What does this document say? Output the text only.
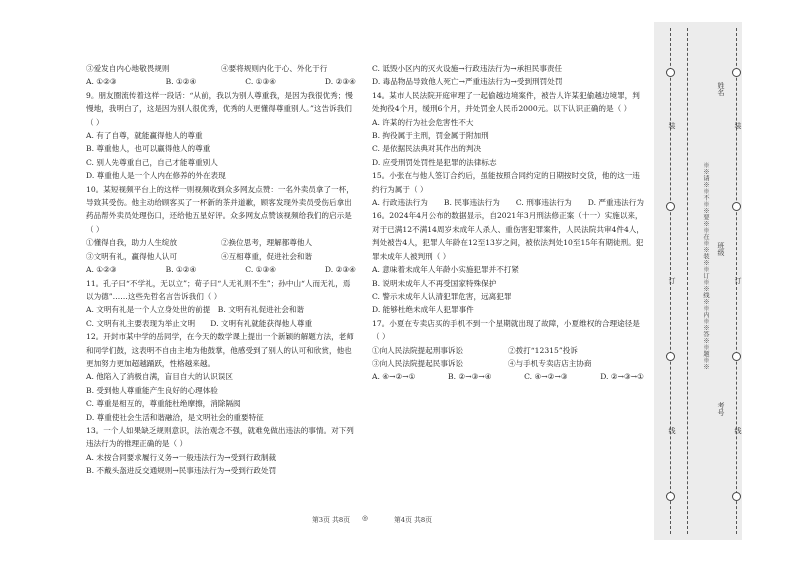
③爱发自内心地敬畏规则	④要将规则内化于心、外化于行

A. ①②③	B. ①②④	C. ①③④	D. ②③④

9。朋友圈流传着这样一段话：“从前，我以为别人尊重我，是因为我很优秀；慢慢地，我明白了，这是因为别人很优秀，优秀的人更懂得尊重别人。”这告诉我们（ ）

A. 有了自尊，就能赢得他人的尊重

B. 尊重他人，也可以赢得他人的尊重

C. 别人先尊重自己，自己才能尊重别人

D. 尊重他人是一个人内在修养的外在表现

10。某短视频平台上的这样一则视频收到众多网友点赞：一名外卖员拿了一杯，导致其受伤。他主动给顾客买了一杯新的茶并道歉，顾客发现外卖员受伤后拿出药品帮外卖员处理伤口，还给他五星好评。众多网友点赞该视频给我们的启示是（ ）

①懂得自我，助力人生绽放	②换位思考，理解都尊他人

③文明有礼，赢得他人认可	④互相尊重，促进社会和谐

A. ①②③	B. ①②④	C. ①③④	D. ②③④

11。孔子曰“不学礼，无以立”；荀子曰“人无礼则不生”；孙中山“人而无礼，焉以为德”……这些先哲名言告诉我们（ ）

A. 文明有礼是一个人立身处世的前提　B. 文明有礼促进社会和谐

C. 文明有礼主要表现为举止文明　　D. 文明有礼就能获得他人尊重

12。开封市某中学的岳同学，在今天的数学课上提出一个新颖的解题方法，老师和同学们鼓，这表明不自由主地为他鼓掌，他感受到了别人的认可和欣赏，他也更加努力更加超越踊跃，性格越来越。

A. 他陷入了消极自满，盲目自大的认识误区

B. 受到他人尊重能产生良好的心理体验

C. 尊重是相互的，尊重能杜绝摩擦，消除隔阂

D. 尊重使社会生活和谐融洽，是文明社会的重要特征

13。一个人如果缺乏规则意识，法治观念不强，就难免做出违法的事情。对下列违法行为的推理正确的是（ ）

A. 未按合同要求履行义务→一般违法行为→受到行政制裁

B. 不戴头盔进反交通规则→民事违法行为→受到行政处罚

C. 诋毁小区内的灭火设施→行政违法行为→承担民事责任

D. 毒品物品导致他人死亡→严重违法行为→受到刑罚处罚

14。某市人民法院开庭审理了一起偷越边境案件，被告人许某犯偷越边境罪，判处拘役4个月，缓刑6个月，并处罚金人民币2000元。以下认识正确的是（ ）

A. 许某的行为社会危害性不大

B. 拘役属于主刑，罚金属于附加刑

C. 是依据民法典对其作出的判决

D. 应受刑罚处罚性是犯罪的法律标志

15。小张在与他人签订合约后，虽能按照合同约定的日期按时交货，他的这一违约行为属于（ ）

A. 行政违法行为 B. 民事违法行为 C. 刑事违法行为 D. 严重违法行为

16。2024年4月公布的数据显示，自2021年3月刑法修正案（十一）实施以来，对于已满12不满14周岁未成年人杀人、重伤害犯罪案件，人民法院共审4件4人，判处被告4人，犯罪人年龄在12至13岁之间，被依法判处10至15年有期徒刑。犯罪未成年人被判刑（ ）

A. 意味着未成年人年龄小实施犯罪并不打紧

B. 说明未成年人不再受国家特殊保护

C. 警示未成年人认清犯罪危害，远离犯罪

D. 能够杜绝未成年人犯罪事件

17。小夏在专卖店买的手机不到一个星期就出现了故障，小夏维权的合理途径是（ ）

①向人民法院提起刑事诉讼	②拨打“12315”投诉

③向人民法院提起民事诉讼	④与手机专卖店店主协商

A. ④→②→①	B. ②→③→④	C. ④→②→③	D. ②→③→①

第3页 共8页 ◎	第4页 共8页
装
订
线
装
订
线
※※请※※不※※要※※在※※装※※订※※线※※内※※答※※题※※
姓名
班级
考号
